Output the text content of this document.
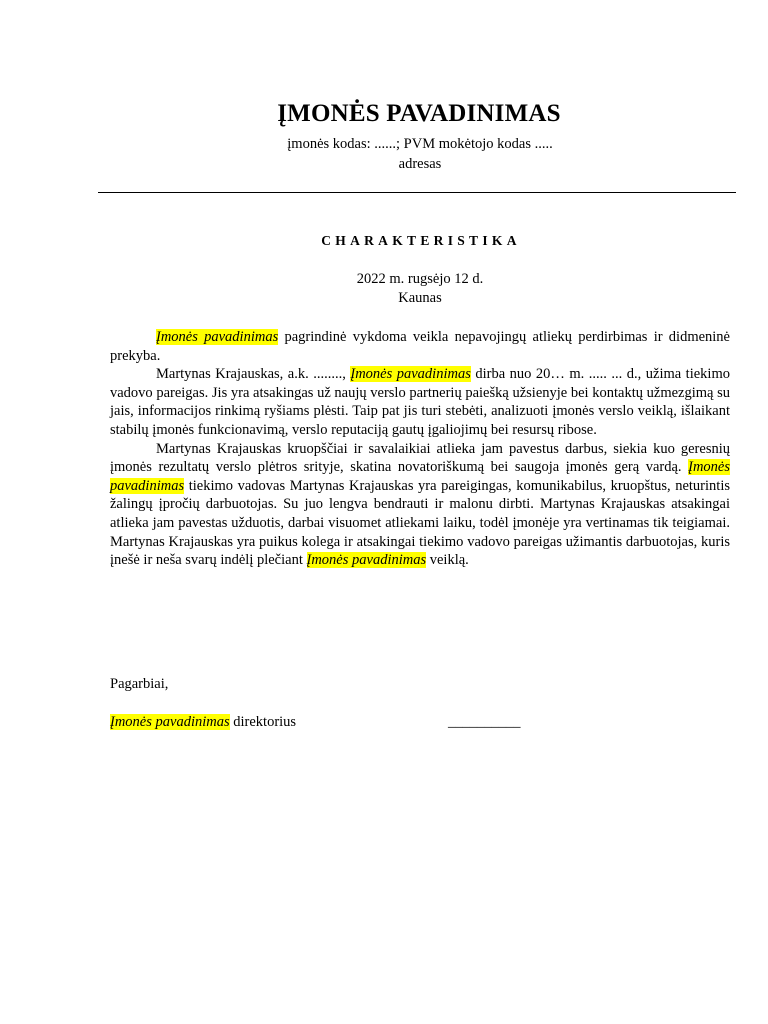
ĮMONĖS PAVADINIMAS
įmonės kodas: ......; PVM mokėtojo kodas .....
adresas
CHARAKTERISTIKA
2022 m. rugsėjo 12 d.
Kaunas

Įmonės pavadinimas pagrindinė vykdoma veikla nepavojingų atliekų perdirbimas ir didmeninė prekyba.

Martynas Krajauskas, a.k. ........, Įmonės pavadinimas dirba nuo 20… m. ..... ... d., užima tiekimo vadovo pareigas. Jis yra atsakingas už naujų verslo partnerių paiešką užsienyje bei kontaktų užmezgimą su jais, informacijos rinkimą ryšiams plėsti. Taip pat jis turi stebėti, analizuoti įmonės verslo veiklą, išlaikant stabilų įmonės funkcionavimą, verslo reputaciją gautų įgaliojimų bei resursų ribose.

Martynas Krajauskas kruopščiai ir savalaikiai atlieka jam pavestus darbus, siekia kuo geresnių įmonės rezultatų verslo plėtros srityje, skatina novatoriškumą bei saugoja įmonės gerą vardą. Įmonės pavadinimas tiekimo vadovas Martynas Krajauskas yra pareigingas, komunikabilus, kruopštus, neturintis žalingų įpročių darbuotojas. Su juo lengva bendrauti ir malonu dirbti. Martynas Krajauskas atsakingai atlieka jam pavestas užduotis, darbai visuomet atliekami laiku, todėl įmonėje yra vertinamas tik teigiamai. Martynas Krajauskas yra puikus kolega ir atsakingai tiekimo vadovo pareigas užimantis darbuotojas, kuris įnešė ir neša svarų indėlį plečiant Įmonės pavadinimas veiklą.

Pagarbiai,
Įmonės pavadinimas direktorius	__________
